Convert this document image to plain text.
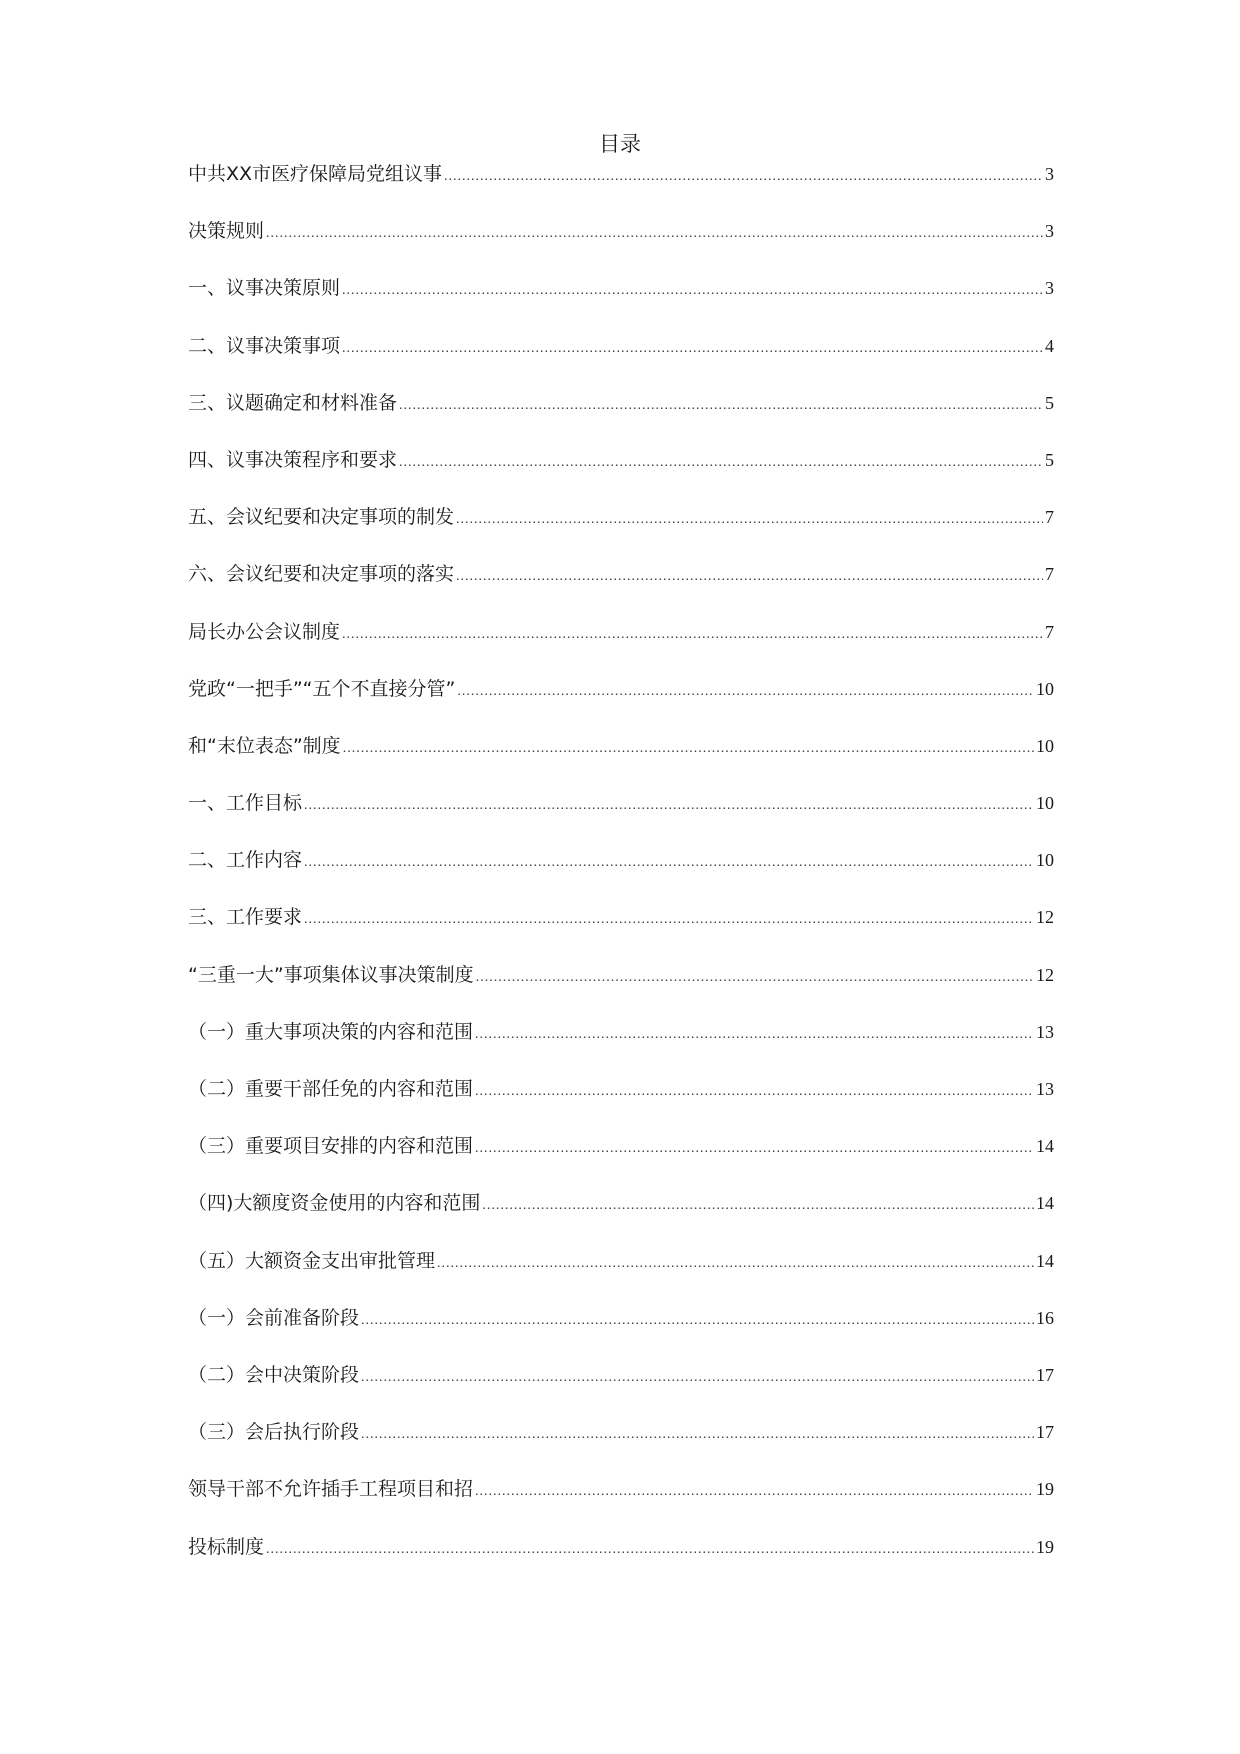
目录
中共XX市医疗保障局党组议事 .....	3
决策规则 .....	3
一、议事决策原则 .....	3
二、议事决策事项 .....	4
三、议题确定和材料准备 .....	5
四、议事决策程序和要求 .....	5
五、会议纪要和决定事项的制发 .....	7
六、会议纪要和决定事项的落实 .....	7
局长办公会议制度 .....	7
党政“一把手”“五个不直接分管” .....	10
和“末位表态”制度 .....	10
一、工作目标 .....	10
二、工作内容 .....	10
三、工作要求 .....	12
“三重一大”事项集体议事决策制度 .....	12
（一）重大事项决策的内容和范围 .....	13
（二）重要干部任免的内容和范围 .....	13
（三）重要项目安排的内容和范围 .....	14
（四)大额度资金使用的内容和范围 .....	14
（五）大额资金支出审批管理 .....	14
（一）会前准备阶段 .....	16
（二）会中决策阶段 .....	17
（三）会后执行阶段 .....	17
领导干部不允许插手工程项目和招 .....	19
投标制度 .....	19
